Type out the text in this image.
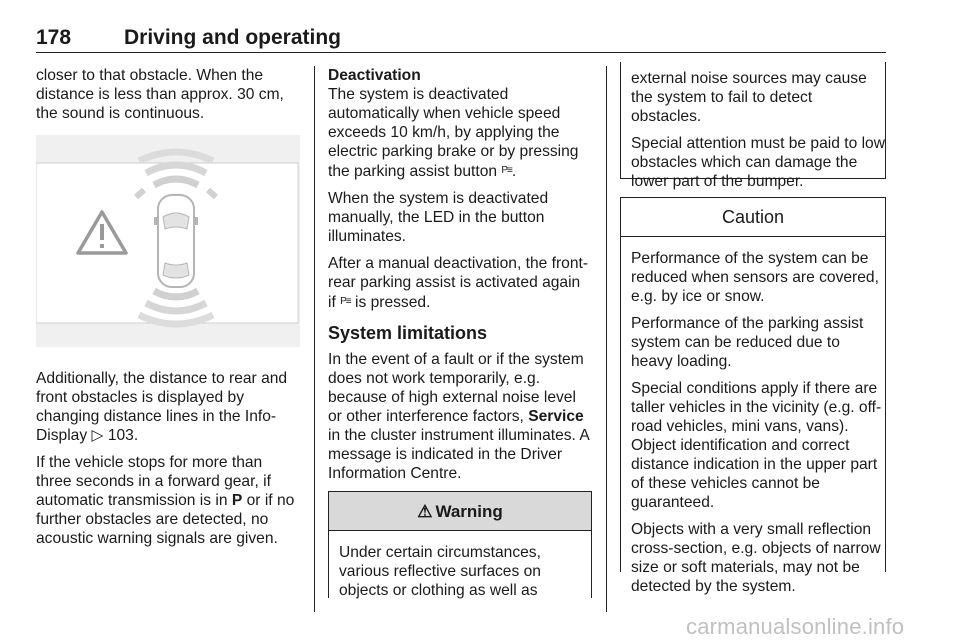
178	Driving and operating

closer to that obstacle. When the distance is less than approx. 30 cm, the sound is continuous.

Additionally, the distance to rear and front obstacles is displayed by changing distance lines in the Info-Display ▷ 103.

If the vehicle stops for more than three seconds in a forward gear, if automatic transmission is in P or if no further obstacles are detected, no acoustic warning signals are given.

Deactivation

The system is deactivated automatically when vehicle speed exceeds 10 km/h, by applying the electric parking brake or by pressing the parking assist button P≡.

When the system is deactivated manually, the LED in the button illuminates.

After a manual deactivation, the front-rear parking assist is activated again if P≡ is pressed.

System limitations

In the event of a fault or if the system does not work temporarily, e.g. because of high external noise level or other interference factors, Service in the cluster instrument illuminates. A message is indicated in the Driver Information Centre.

⚠ Warning

Under certain circumstances, various reflective surfaces on objects or clothing as well as

external noise sources may cause the system to fail to detect obstacles.

Special attention must be paid to low obstacles which can damage the lower part of the bumper.

Caution

Performance of the system can be reduced when sensors are covered, e.g. by ice or snow.

Performance of the parking assist system can be reduced due to heavy loading.

Special conditions apply if there are taller vehicles in the vicinity (e.g. off-road vehicles, mini vans, vans). Object identification and correct distance indication in the upper part of these vehicles cannot be guaranteed.

Objects with a very small reflection cross-section, e.g. objects of narrow size or soft materials, may not be detected by the system.

carmanualsonline.info
